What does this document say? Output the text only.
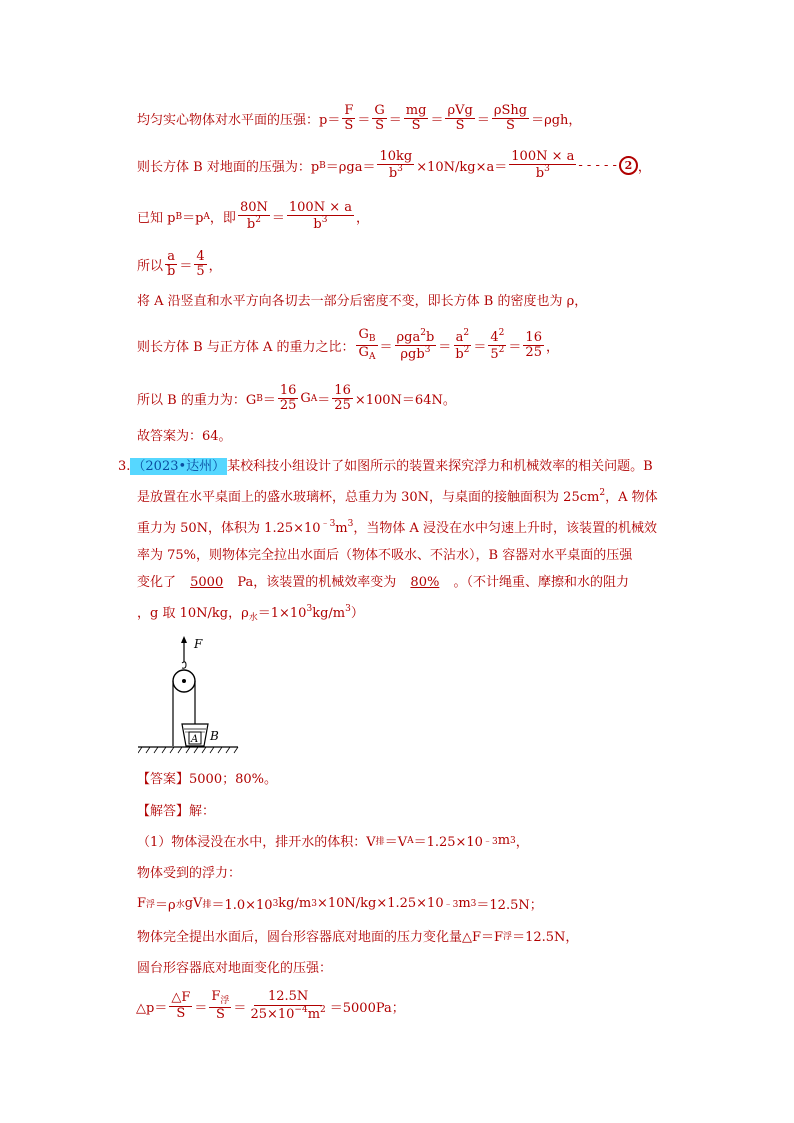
均匀实心物体对水平面的压强：$p= \frac{F}{S} = \frac{G}{S} = \frac{mg}{S} = \frac{\text{ρVg}}{S} = \frac{\text{ρShg}}{S} =\rho gh$，
则长方体 B 对地面的压强为：p $B =\rho ga= \frac{10kg}{b^3} \times 10N/kg\times a= \frac{100N \times a}{b^3}$ - - - - - 2 ，
已知 p B ＝p A ，即 $\frac{80N}{b^2} = \frac{100N \times a}{b^3}$ ，
所以 $\frac{a}{b} = \frac{4}{5}$ ，
将 A 沿竖直和水平方向各切去一部分后密度不变，即长方体 B 的密度也为 ρ，
则长方体 B 与正方体 A 的重力之比： $\frac{G_B}{G_A} = \frac{\rho ga^2b}{\rho gb^3} = \frac{a^2}{b^2} = \frac{4^2}{5^2} = \frac{16}{25}$ ，
所以 B 的重力为：G $B = \frac{16}{25}$ G $A = \frac{16}{25} \times 100N=64N$。
故答案为：64。
3. （2023•达州） 某校科技小组设计了如图所示的装置来探究浮力和机械效率的相关问题。B
是放置在水平桌面上的盛水玻璃杯，总重力为 30N，与桌面的接触面积为 $25cm^2$，A 物体
重力为 50N，体积为 $1.25\times 10^{﹣3}m^3$，当物体 A 浸没在水中匀速上升时，该装置的机械效
率为 75%，则物体完全拉出水面后（物体不吸水、不沾水），B 容器对水平桌面的压强
变化了 5000 Pa，该装置的机械效率变为 80% 。（不计绳重、摩擦和水的阻力
，g 取 10N/kg，$\rho_水=1\times 10^3kg/m^3$）
F
A B
【答案】 5000；80%。
【解答】 解：
（1）物体浸没在水中，排开水的体积：V 排 ＝V A ＝1.25×10 ﹣3 m 3 ，
物体受到的浮力：
F 浮 ＝ρ 水 gV 排 ＝1.0×10 3 kg/m 3 ×10N/kg×1.25×10 ﹣3 m 3 ＝12.5N；
物体完全提出水面后，圆台形容器底对地面的压力变化量△F＝F 浮 ＝12.5N，
圆台形容器底对地面变化的压强：
△p＝ $\frac{\triangle F}{S} = \frac{F_浮}{S} = \frac{12.5N}{25\times 10^{-4}m^2} =5000Pa$；
